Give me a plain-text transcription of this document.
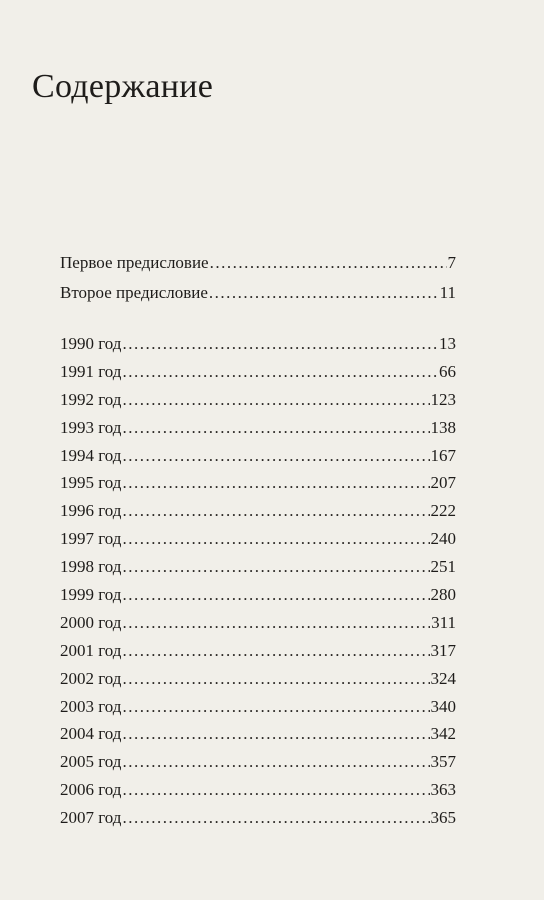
Содержание
Первое предисловие .....	7
Второе предисловие .....	11
1990 год .....	13
1991 год .....	66
1992 год .....	123
1993 год .....	138
1994 год .....	167
1995 год .....	207
1996 год .....	222
1997 год .....	240
1998 год .....	251
1999 год .....	280
2000 год .....	311
2001 год .....	317
2002 год .....	324
2003 год .....	340
2004 год .....	342
2005 год .....	357
2006 год .....	363
2007 год .....	365
